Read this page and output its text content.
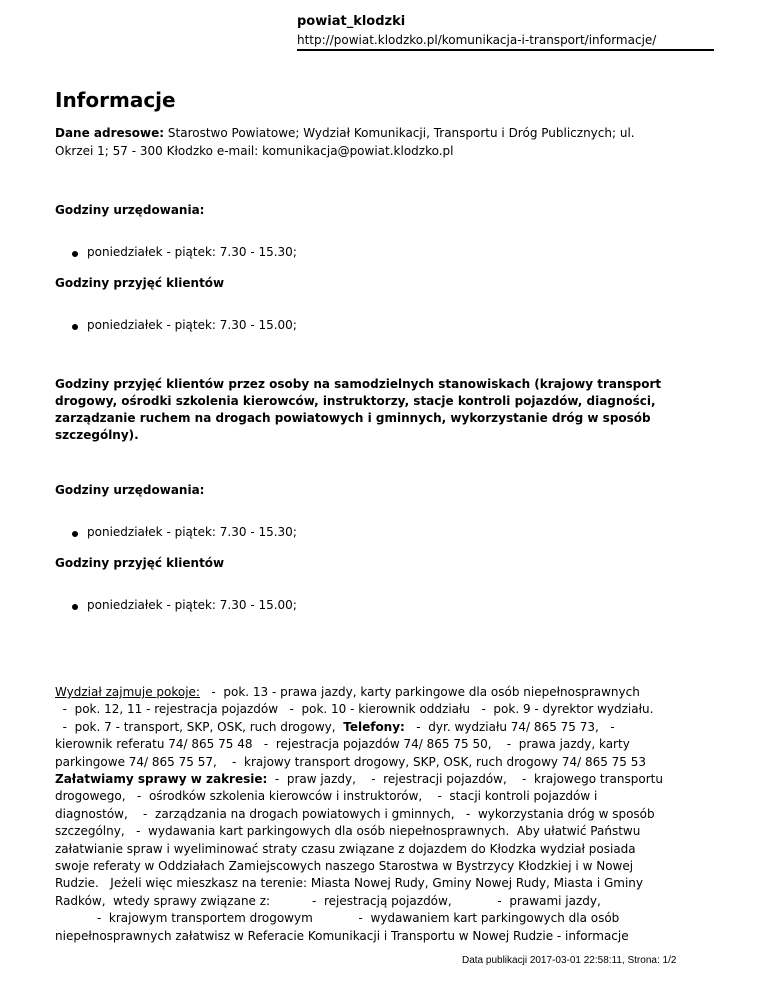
powiat_klodzki
http://powiat.klodzko.pl/komunikacja-i-transport/informacje/
Informacje
Dane adresowe: Starostwo Powiatowe; Wydział Komunikacji, Transportu i Dróg Publicznych; ul.
Okrzei 1; 57 - 300 Kłodzko e-mail: komunikacja@powiat.klodzko.pl
Godziny urzędowania:
poniedziałek - piątek: 7.30 - 15.30;
Godziny przyjęć klientów
poniedziałek - piątek: 7.30 - 15.00;
Godziny przyjęć klientów przez osoby na samodzielnych stanowiskach (krajowy transport
drogowy, ośrodki szkolenia kierowców, instruktorzy, stacje kontroli pojazdów, diagności,
zarządzanie ruchem na drogach powiatowych i gminnych, wykorzystanie dróg w sposób
szczególny).
Godziny urzędowania:
poniedziałek - piątek: 7.30 - 15.30;
Godziny przyjęć klientów
poniedziałek - piątek: 7.30 - 15.00;
Wydział zajmuje pokoje:   -  pok. 13 - prawa jazdy, karty parkingowe dla osób niepełnosprawnych
-  pok. 12, 11 - rejestracja pojazdów   -  pok. 10 - kierownik oddziału   -  pok. 9 - dyrektor wydziału.
-  pok. 7 - transport, SKP, OSK, ruch drogowy, Telefony:   -  dyr. wydziału 74/ 865 75 73,   -
kierownik referatu 74/ 865 75 48   -  rejestracja pojazdów 74/ 865 75 50,    -  prawa jazdy, karty
parkingowe 74/ 865 75 57,    -  krajowy transport drogowy, SKP, OSK, ruch drogowy 74/ 865 75 53
Załatwiamy sprawy w zakresie:  -  praw jazdy,    -  rejestracji pojazdów,    -  krajowego transportu
drogowego,   -  ośrodków szkolenia kierowców i instruktorów,    -  stacji kontroli pojazdów i
diagnostów,    -  zarządzania na drogach powiatowych i gminnych,   -  wykorzystania dróg w sposób
szczególny,   -  wydawania kart parkingowych dla osób niepełnosprawnych.  Aby ułatwić Państwu
załatwianie spraw i wyeliminować straty czasu związane z dojazdem do Kłodzka wydział posiada
swoje referaty w Oddziałach Zamiejscowych naszego Starostwa w Bystrzycy Kłodzkiej i w Nowej
Rudzie.   Jeżeli więc mieszkasz na terenie: Miasta Nowej Rudy, Gminy Nowej Rudy, Miasta i Gminy
Radków,  wtedy sprawy związane z:           -  rejestracją pojazdów,            -  prawami jazdy,
-  krajowym transportem drogowym            -  wydawaniem kart parkingowych dla osób
niepełnosprawnych załatwisz w Referacie Komunikacji i Transportu w Nowej Rudzie - informacje
Data publikacji 2017-03-01 22:58:11, Strona: 1/2
